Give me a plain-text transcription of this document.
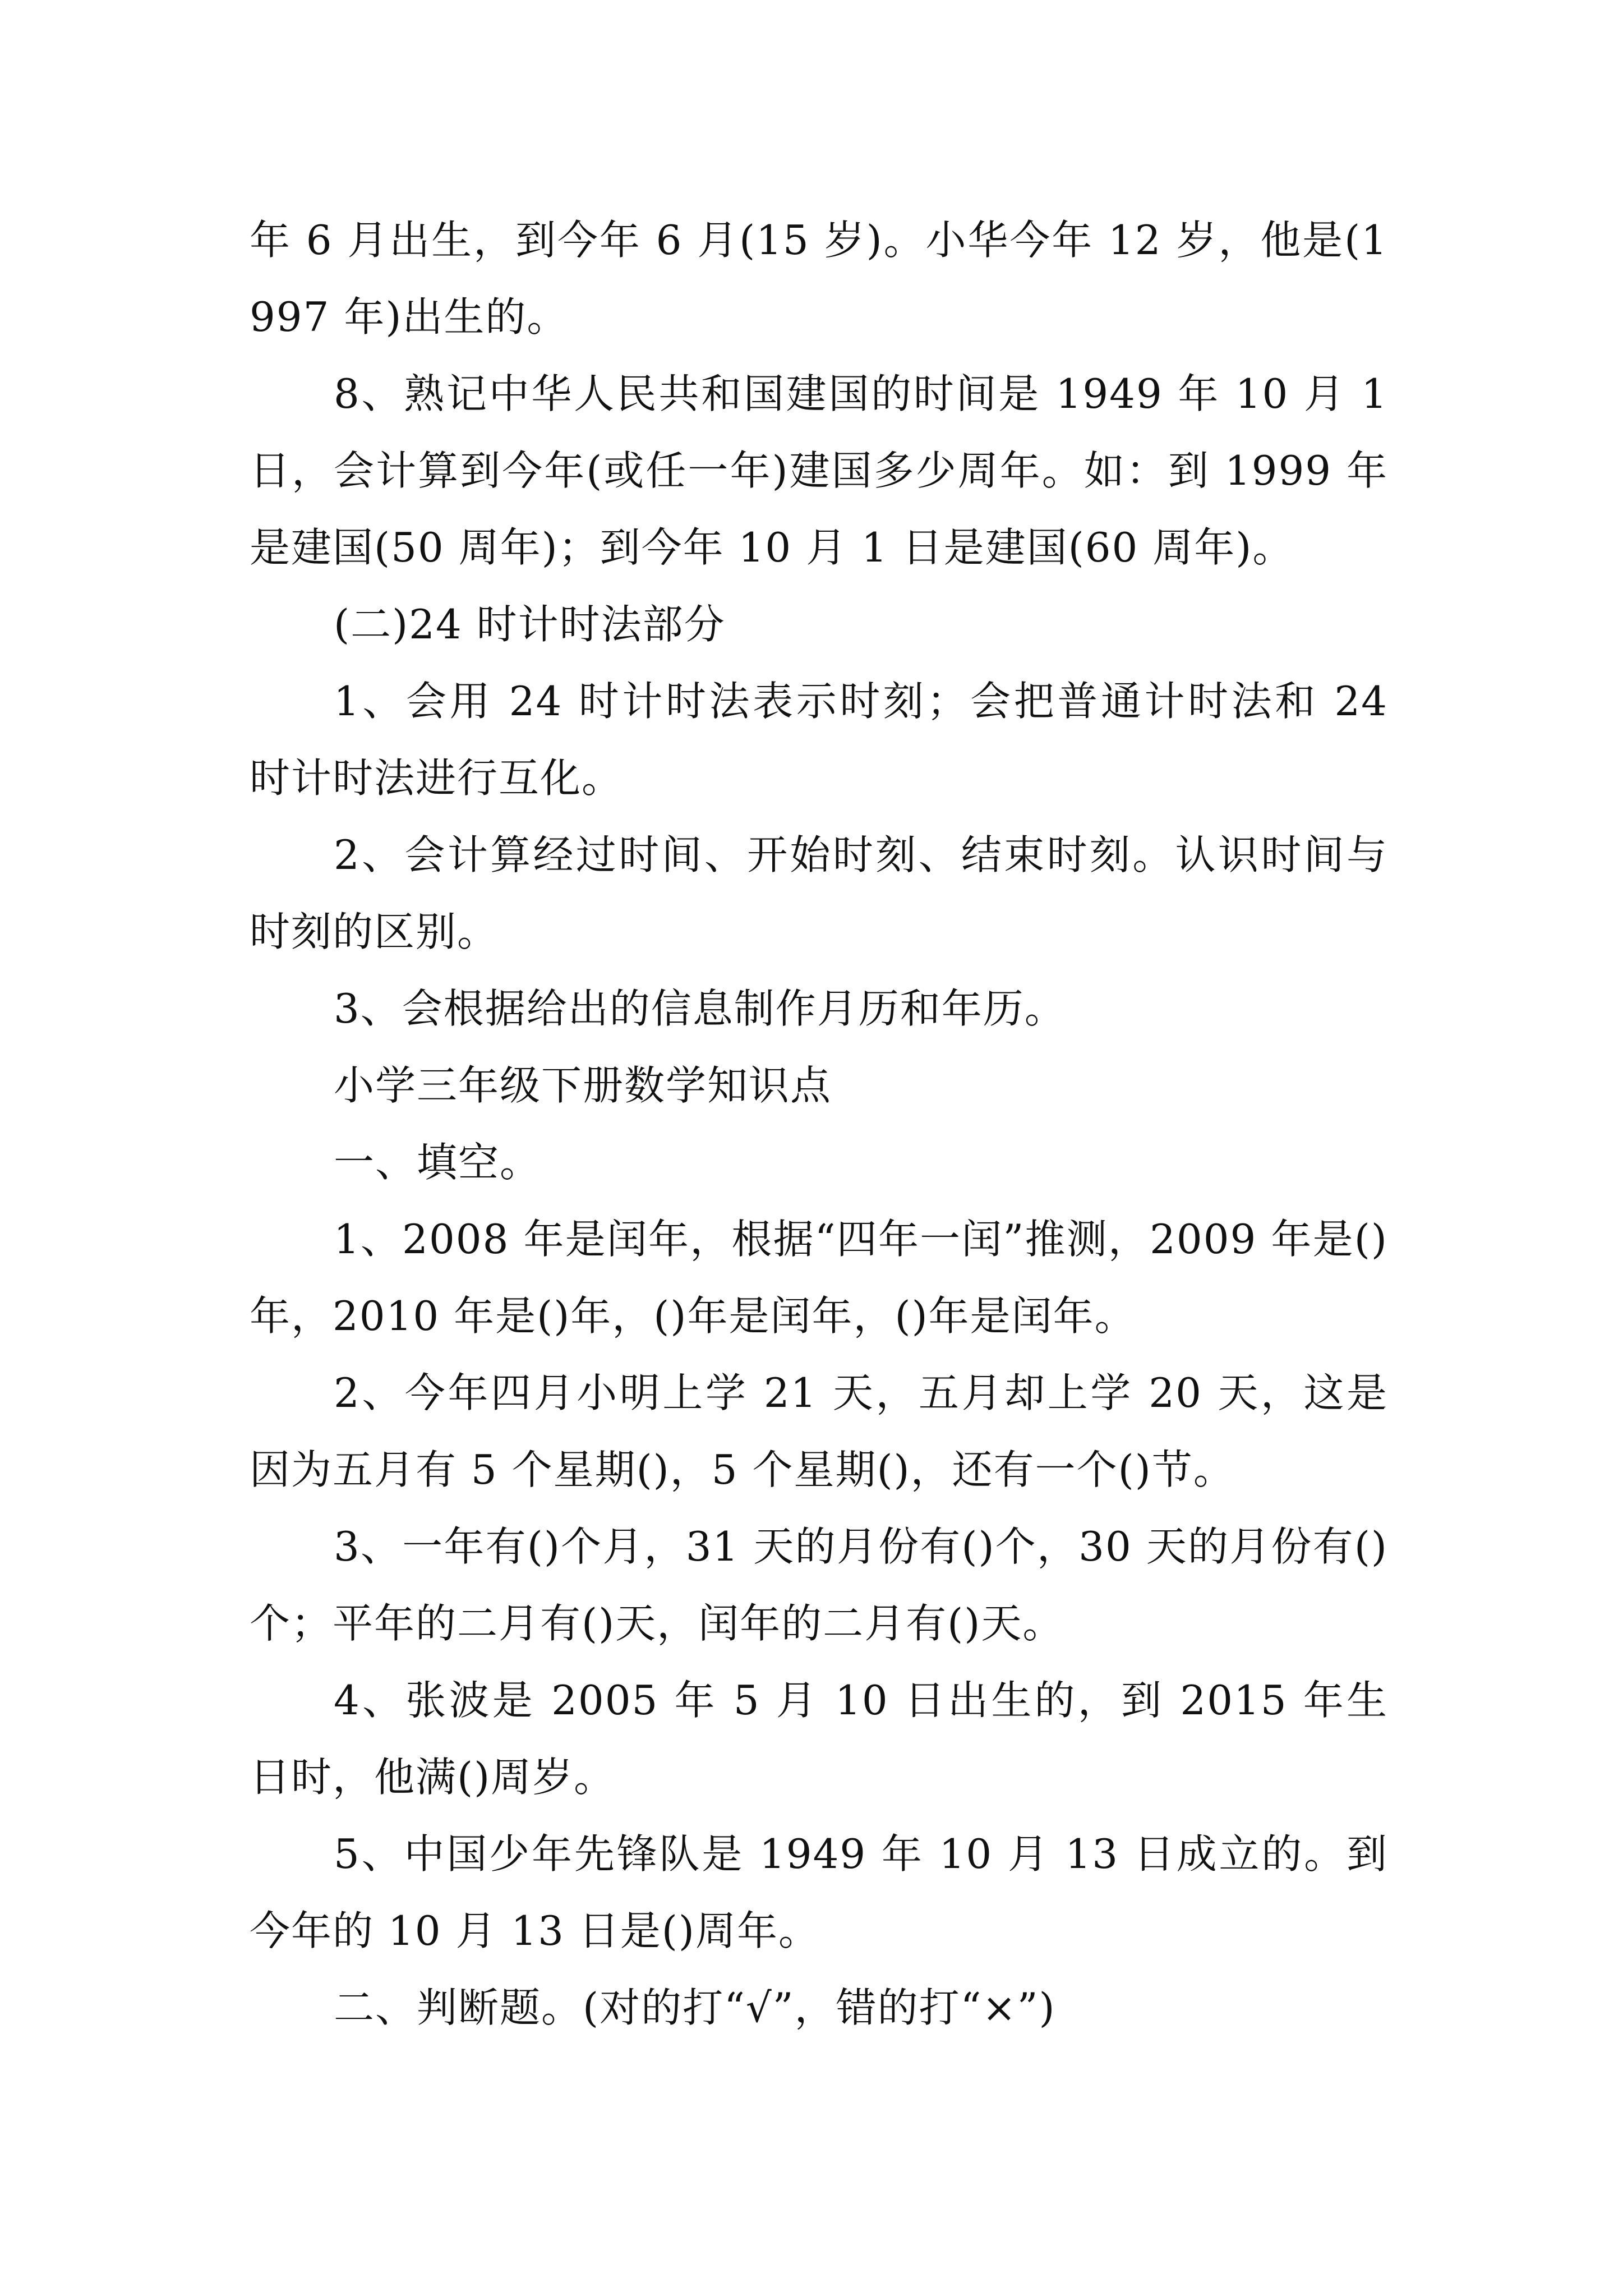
年 6 月出生，到今年 6 月(15 岁)。小华今年 12 岁，他是(1997 年)出生的。

8、熟记中华人民共和国建国的时间是 1949 年 10 月 1 日，会计算到今年(或任一年)建国多少周年。如：到 1999 年是建国(50 周年)；到今年 10 月 1 日是建国(60 周年)。

(二)24 时计时法部分

1、会用 24 时计时法表示时刻；会把普通计时法和 24 时计时法进行互化。

2、会计算经过时间、开始时刻、结束时刻。认识时间与时刻的区别。

3、会根据给出的信息制作月历和年历。

小学三年级下册数学知识点

一、填空。

1、2008 年是闰年，根据“四年一闰”推测，2009 年是()年，2010 年是()年，()年是闰年，()年是闰年。

2、今年四月小明上学 21 天，五月却上学 20 天，这是因为五月有 5 个星期()，5 个星期()，还有一个()节。

3、一年有()个月，31 天的月份有()个，30 天的月份有()个；平年的二月有()天，闰年的二月有()天。

4、张波是 2005 年 5 月 10 日出生的，到 2015 年生日时，他满()周岁。

5、中国少年先锋队是 1949 年 10 月 13 日成立的。到今年的 10 月 13 日是()周年。

二、判断题。(对的打“√”，错的打“×”)
